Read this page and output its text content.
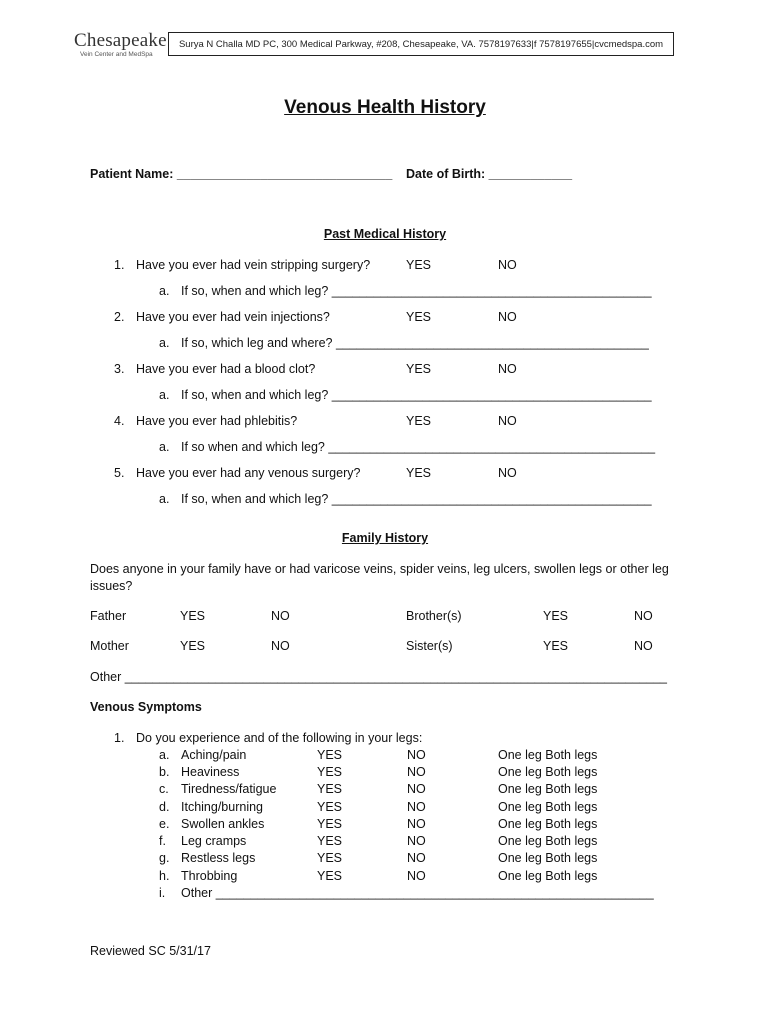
Chesapeake
Vein Center and MedSpa
Surya N Challa MD PC, 300 Medical Parkway, #208, Chesapeake, VA. 7578197633|f 7578197655|cvcmedspa.com
Venous Health History
Patient Name: _______________________________ Date of Birth: ____________
Past Medical History
1. Have you ever had vein stripping surgery?	YES	NO
a. If so, when and which leg? ______________________________________________
2. Have you ever had vein injections?	YES	NO
a. If so, which leg and where? _____________________________________________
3. Have you ever had a blood clot?	YES	NO
a. If so, when and which leg? ______________________________________________
4. Have you ever had phlebitis?	YES	NO
a. If so when and which leg? _______________________________________________
5. Have you ever had any venous surgery?	YES	NO
a. If so, when and which leg? ______________________________________________
Family History
Does anyone in your family have or had varicose veins, spider veins, leg ulcers, swollen legs or other leg
issues?
Father	YES	NO	Brother(s)	YES	NO
Mother	YES	NO	Sister(s)	YES	NO
Other ______________________________________________________________________________
Venous Symptoms
1. Do you experience and of the following in your legs:
a. Aching/pain	YES	NO	One leg Both legs
b. Heaviness	YES	NO	One leg Both legs
c. Tiredness/fatigue	YES	NO	One leg Both legs
d. Itching/burning	YES	NO	One leg Both legs
e. Swollen ankles	YES	NO	One leg Both legs
f. Leg cramps	YES	NO	One leg Both legs
g. Restless legs	YES	NO	One leg Both legs
h. Throbbing	YES	NO	One leg Both legs
i. Other _______________________________________________________________
Reviewed SC 5/31/17
